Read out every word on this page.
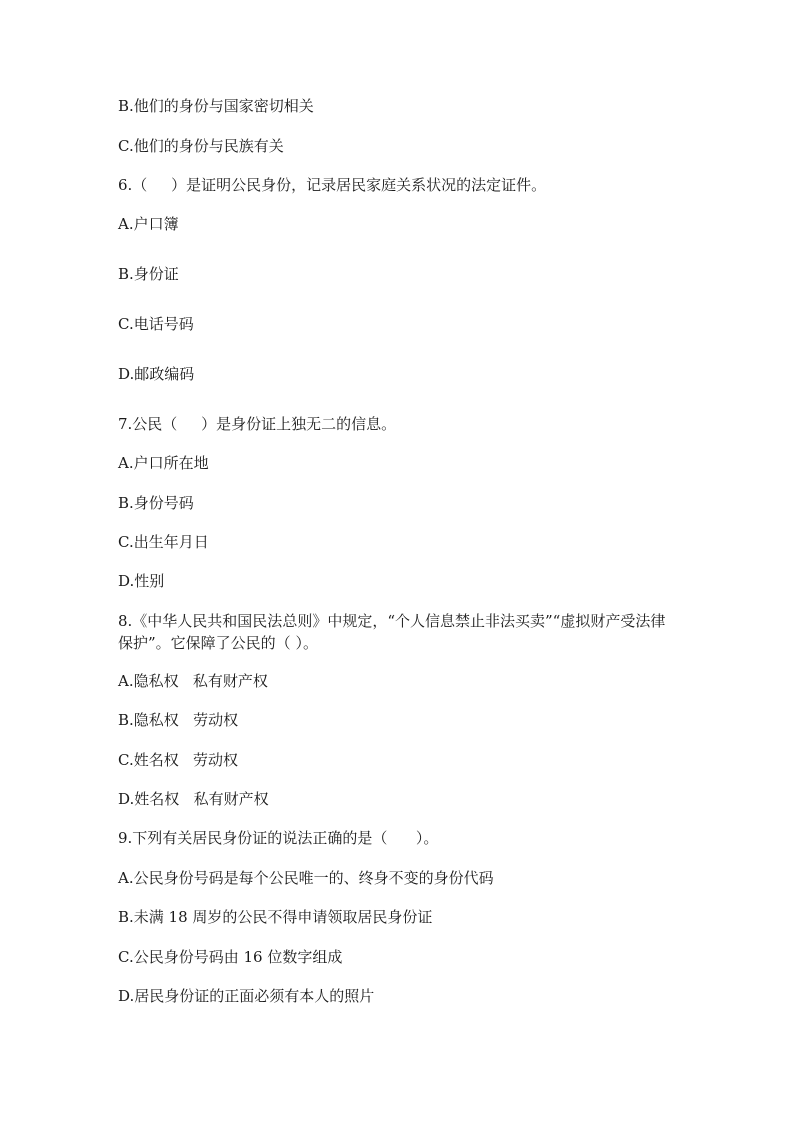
B.他们的身份与国家密切相关
C.他们的身份与民族有关
6.（     ）是证明公民身份，记录居民家庭关系状况的法定证件。
A.户口簿
B.身份证
C.电话号码
D.邮政编码
7.公民（     ）是身份证上独无二的信息。
A.户口所在地
B.身份号码
C.出生年月日
D.性别
8.《中华人民共和国民法总则》中规定，“个人信息禁止非法买卖”“虚拟财产受法律保护”。它保障了公民的（ ）。
A.隐私权   私有财产权
B.隐私权   劳动权
C.姓名权   劳动权
D.姓名权   私有财产权
9.下列有关居民身份证的说法正确的是（      ）。
A.公民身份号码是每个公民唯一的、终身不变的身份代码
B.未满 18 周岁的公民不得申请领取居民身份证
C.公民身份号码由 16 位数字组成
D.居民身份证的正面必须有本人的照片
